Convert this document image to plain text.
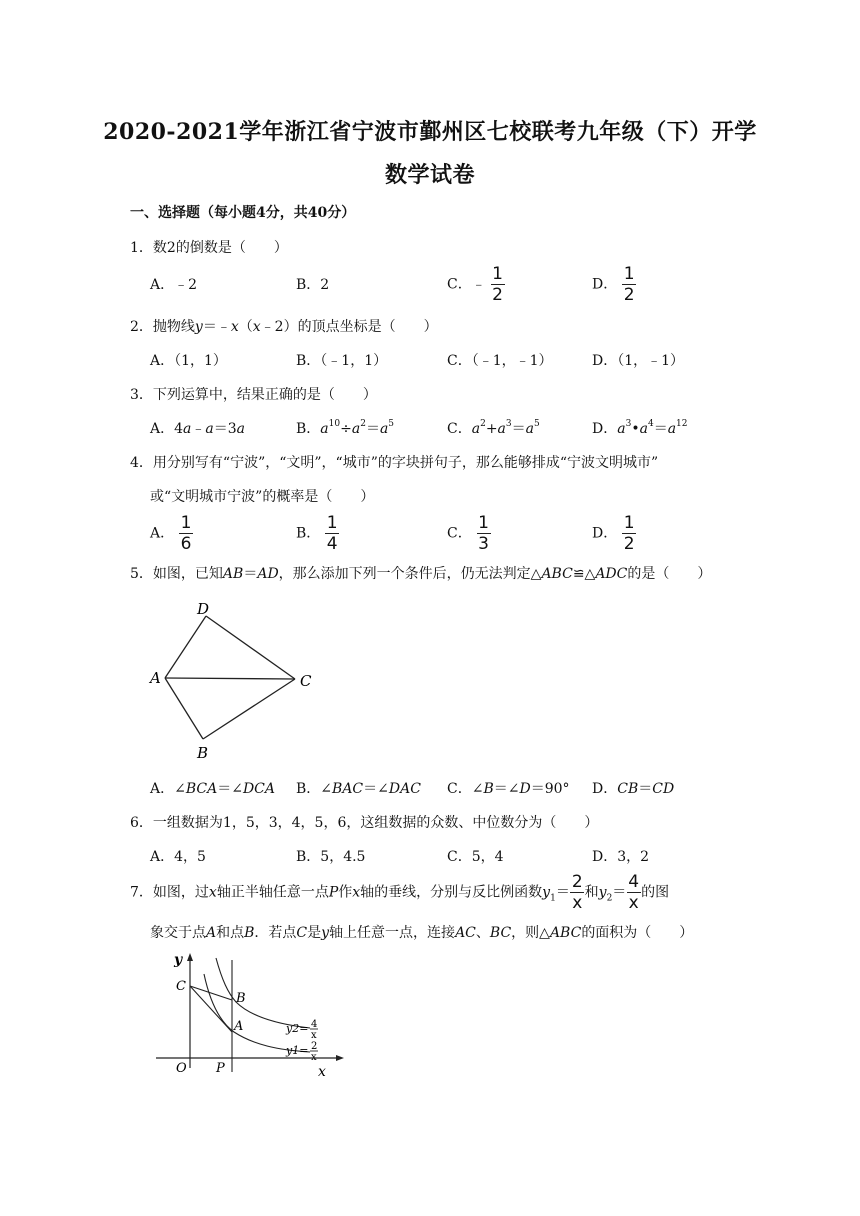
2020-2021学年浙江省宁波市鄞州区七校联考九年级（下）开学
数学试卷
一、选择题（每小题4分，共40分）
1．数2的倒数是（　　）
A．﹣2	B．2	C．﹣ $\frac{1}{2}$	D． $\frac{1}{2}$
2．抛物线y＝﹣x（x﹣2）的顶点坐标是（　　）
A．（1，1）	B．（﹣1，1）	C．（﹣1，﹣1）	D．（1，﹣1）
3．下列运算中，结果正确的是（　　）
A．4a﹣a＝3a	B．$a^{10}\div a^2=a^5$	C．$a^2+a^3=a^5$	D．$a^3•a^4=a^{12}$
4．用分别写有“宁波”，“文明”，“城市”的字块拼句子，那么能够排成“宁波文明城市”
或“文明城市宁波”的概率是（　　）
A． $\frac{1}{6}$	B． $\frac{1}{4}$	C． $\frac{1}{3}$	D． $\frac{1}{2}$
5．如图，已知AB＝AD，那么添加下列一个条件后，仍无法判定△ABC≌△ADC的是（　　）
D
A	C
B
A．∠BCA＝∠DCA B．∠BAC＝∠DAC C．∠B＝∠D＝90° D．CB＝CD
6．一组数据为1，5，3，4，5，6，这组数据的众数、中位数分为（　　）
A．4，5	B．5，4.5	C．5，4	D．3，2
7．如图，过x轴正半轴任意一点P作x轴的垂线，分别与反比例函数$y_1= \frac{2}{x}$ 和$y_2= \frac{4}{x}$ 的图
象交于点A和点B．若点C是y轴上任意一点，连接AC、BC，则△ABC的面积为（　　）
y
C
B
A
O P	x
y2= 4
x
y1= 2
x
